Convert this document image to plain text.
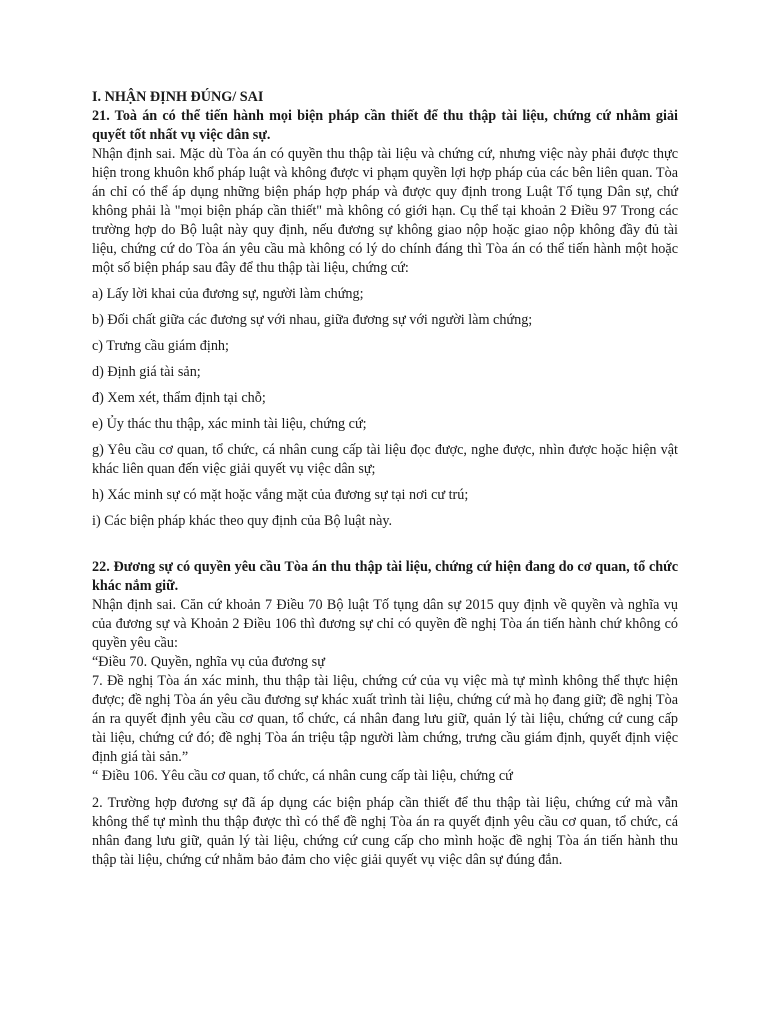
I. NHẬN ĐỊNH ĐÚNG/ SAI

21. Toà án có thể tiến hành mọi biện pháp cần thiết để thu thập tài liệu, chứng cứ nhằm giải quyết tốt nhất vụ việc dân sự.

Nhận định sai. Mặc dù Tòa án có quyền thu thập tài liệu và chứng cứ, nhưng việc này phải được thực hiện trong khuôn khổ pháp luật và không được vi phạm quyền lợi hợp pháp của các bên liên quan. Tòa án chỉ có thể áp dụng những biện pháp hợp pháp và được quy định trong Luật Tố tụng Dân sự, chứ không phải là "mọi biện pháp cần thiết" mà không có giới hạn. Cụ thể tại khoản 2 Điều 97 Trong các trường hợp do Bộ luật này quy định, nếu đương sự không giao nộp hoặc giao nộp không đầy đủ tài liệu, chứng cứ do Tòa án yêu cầu mà không có lý do chính đáng thì Tòa án có thể tiến hành một hoặc một số biện pháp sau đây để thu thập tài liệu, chứng cứ:

a) Lấy lời khai của đương sự, người làm chứng;

b) Đối chất giữa các đương sự với nhau, giữa đương sự với người làm chứng;

c) Trưng cầu giám định;

d) Định giá tài sản;

đ) Xem xét, thẩm định tại chỗ;

e) Ủy thác thu thập, xác minh tài liệu, chứng cứ;

g) Yêu cầu cơ quan, tổ chức, cá nhân cung cấp tài liệu đọc được, nghe được, nhìn được hoặc hiện vật khác liên quan đến việc giải quyết vụ việc dân sự;

h) Xác minh sự có mặt hoặc vắng mặt của đương sự tại nơi cư trú;

i) Các biện pháp khác theo quy định của Bộ luật này.

22. Đương sự có quyền yêu cầu Tòa án thu thập tài liệu, chứng cứ hiện đang do cơ quan, tổ chức khác nắm giữ.

Nhận định sai. Căn cứ khoản 7 Điều 70 Bộ luật Tố tụng dân sự 2015 quy định về quyền và nghĩa vụ của đương sự và Khoản 2 Điều 106 thì đương sự chỉ có quyền đề nghị Tòa án tiến hành chứ không có quyền yêu cầu:

“Điều 70. Quyền, nghĩa vụ của đương sự

7. Đề nghị Tòa án xác minh, thu thập tài liệu, chứng cứ của vụ việc mà tự mình không thể thực hiện được; đề nghị Tòa án yêu cầu đương sự khác xuất trình tài liệu, chứng cứ mà họ đang giữ; đề nghị Tòa án ra quyết định yêu cầu cơ quan, tổ chức, cá nhân đang lưu giữ, quản lý tài liệu, chứng cứ cung cấp tài liệu, chứng cứ đó; đề nghị Tòa án triệu tập người làm chứng, trưng cầu giám định, quyết định việc định giá tài sản.”

“ Điều 106. Yêu cầu cơ quan, tổ chức, cá nhân cung cấp tài liệu, chứng cứ

2. Trường hợp đương sự đã áp dụng các biện pháp cần thiết để thu thập tài liệu, chứng cứ mà vẫn không thể tự mình thu thập được thì có thể đề nghị Tòa án ra quyết định yêu cầu cơ quan, tổ chức, cá nhân đang lưu giữ, quản lý tài liệu, chứng cứ cung cấp cho mình hoặc đề nghị Tòa án tiến hành thu thập tài liệu, chứng cứ nhằm bảo đảm cho việc giải quyết vụ việc dân sự đúng đắn.
